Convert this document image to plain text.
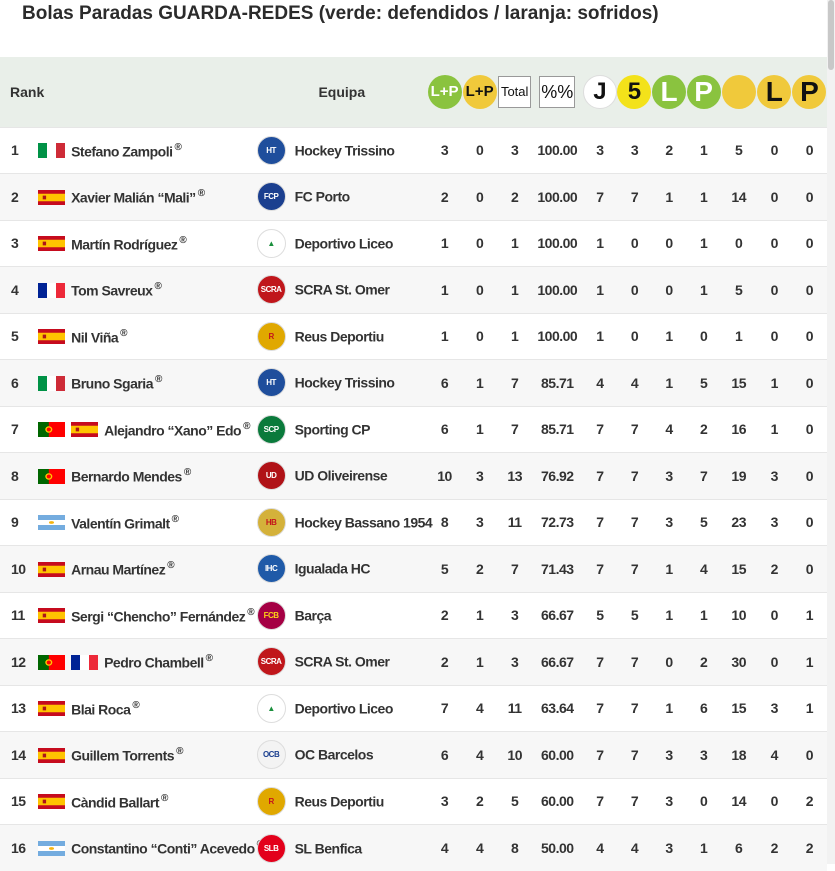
Bolas Paradas GUARDA-REDES (verde: defendidos / laranja: sofridos)
Rank		Equipa	L+P	L+P	Total	%%	J	5	L	P		L	P
1	Stefano Zampoli ®	HT Hockey Trissino	3	0	3	100.00	3	3	2	1	5	0	0
2	Xavier Malián “Mali” ®	FCP FC Porto	2	0	2	100.00	7	7	1	1	14	0	0
3	Martín Rodríguez ®	▲ Deportivo Liceo	1	0	1	100.00	1	0	0	1	0	0	0
4	Tom Savreux ®	SCRA SCRA St. Omer	1	0	1	100.00	1	0	0	1	5	0	0
5	Nil Viña ®	R Reus Deportiu	1	0	1	100.00	1	0	1	0	1	0	0
6	Bruno Sgaria ®	HT Hockey Trissino	6	1	7	85.71	4	4	1	5	15	1	0
7	Alejandro “Xano” Edo ®	SCP Sporting CP	6	1	7	85.71	7	7	4	2	16	1	0
8	Bernardo Mendes ®	UD UD Oliveirense	10	3	13	76.92	7	7	3	7	19	3	0
9	Valentín Grimalt ®	HB Hockey Bassano 1954	8	3	11	72.73	7	7	3	5	23	3	0
10	Arnau Martínez ®	IHC Igualada HC	5	2	7	71.43	7	7	1	4	15	2	0
11	Sergi “Chencho” Fernández ®	FCB Barça	2	1	3	66.67	5	5	1	1	10	0	1
12	Pedro Chambell ®	SCRA SCRA St. Omer	2	1	3	66.67	7	7	0	2	30	0	1
13	Blai Roca ®	▲ Deportivo Liceo	7	4	11	63.64	7	7	1	6	15	3	1
14	Guillem Torrents ®	OCB OC Barcelos	6	4	10	60.00	7	7	3	3	18	4	0
15	Càndid Ballart ®	R Reus Deportiu	3	2	5	60.00	7	7	3	0	14	0	2
16	Constantino “Conti” Acevedo	SLB SL Benfica	4	4	8	50.00	4	4	3	1	6	2	2
